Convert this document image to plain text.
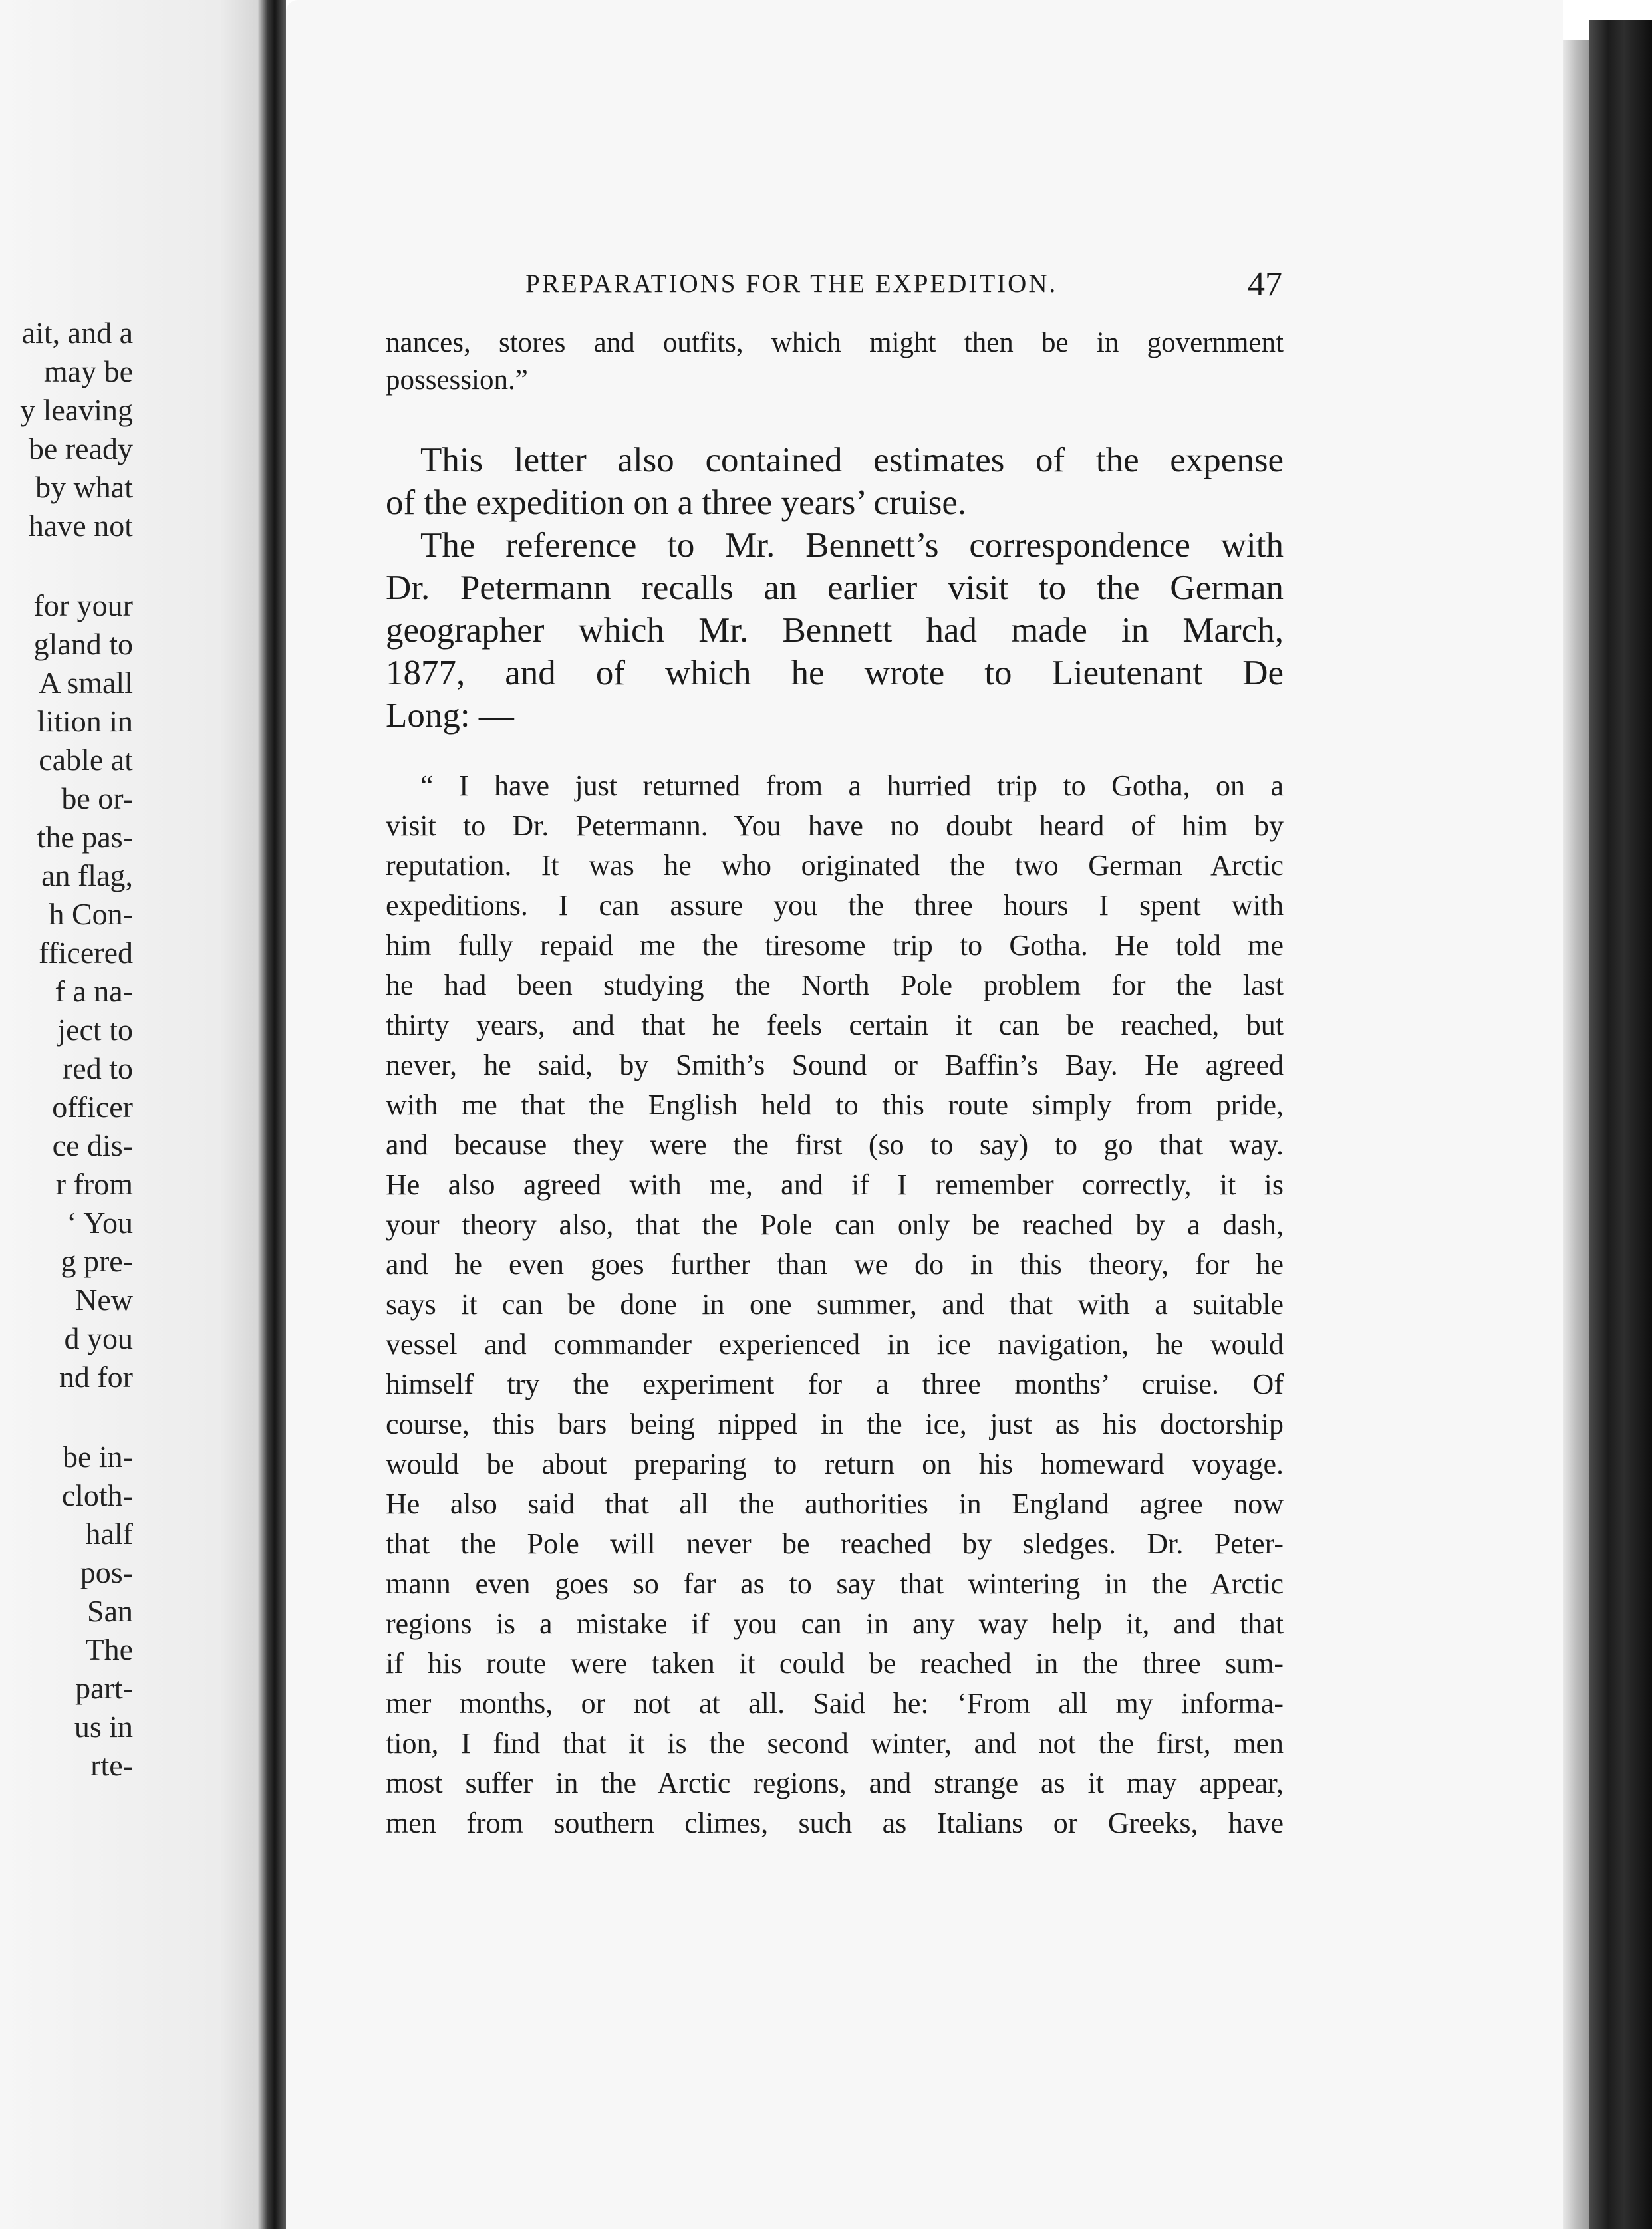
ait, and a
may be
y leaving
be ready
by what
have not
for your
gland to
A small
lition in
cable at
be or-
the pas-
an flag,
h Con-
fficered
f a na-
ject to
red to
officer
ce dis-
r from
‘ You
g pre-
New
d you
nd for
be in-
cloth-
half
pos-
San
The
part-
us in
rte-
PREPARATIONS FOR THE EXPEDITION.	47
nances, stores and outfits, which might then be in government
possession.”
This letter also contained estimates of the expense
of the expedition on a three years’ cruise.
The reference to Mr. Bennett’s correspondence with
Dr. Petermann recalls an earlier visit to the German
geographer which Mr. Bennett had made in March,
1877, and of which he wrote to Lieutenant De
Long: —
“ I have just returned from a hurried trip to Gotha, on a
visit to Dr. Petermann. You have no doubt heard of him by
reputation. It was he who originated the two German Arctic
expeditions. I can assure you the three hours I spent with
him fully repaid me the tiresome trip to Gotha. He told me
he had been studying the North Pole problem for the last
thirty years, and that he feels certain it can be reached, but
never, he said, by Smith’s Sound or Baffin’s Bay. He agreed
with me that the English held to this route simply from pride,
and because they were the first (so to say) to go that way.
He also agreed with me, and if I remember correctly, it is
your theory also, that the Pole can only be reached by a dash,
and he even goes further than we do in this theory, for he
says it can be done in one summer, and that with a suitable
vessel and commander experienced in ice navigation, he would
himself try the experiment for a three months’ cruise. Of
course, this bars being nipped in the ice, just as his doctorship
would be about preparing to return on his homeward voyage.
He also said that all the authorities in England agree now
that the Pole will never be reached by sledges. Dr. Peter-
mann even goes so far as to say that wintering in the Arctic
regions is a mistake if you can in any way help it, and that
if his route were taken it could be reached in the three sum-
mer months, or not at all. Said he: ‘From all my informa-
tion, I find that it is the second winter, and not the first, men
most suffer in the Arctic regions, and strange as it may appear,
men from southern climes, such as Italians or Greeks, have
